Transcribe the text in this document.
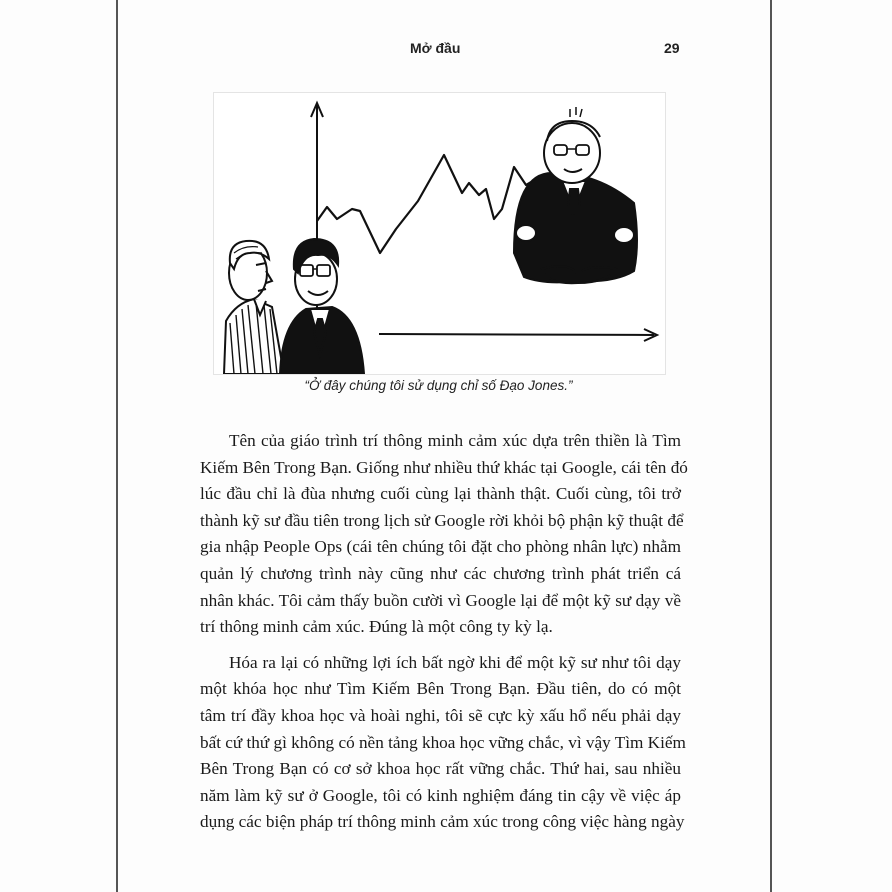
Mở đầu	29
“Ở đây chúng tôi sử dụng chỉ số Đạo Jones.”
Tên của giáo trình trí thông minh cảm xúc dựa trên thiền là Tìm
Kiếm Bên Trong Bạn. Giống như nhiều thứ khác tại Google, cái tên đó
lúc đầu chỉ là đùa nhưng cuối cùng lại thành thật. Cuối cùng, tôi trở
thành kỹ sư đầu tiên trong lịch sử Google rời khỏi bộ phận kỹ thuật để
gia nhập People Ops (cái tên chúng tôi đặt cho phòng nhân lực) nhằm
quản lý chương trình này cũng như các chương trình phát triển cá
nhân khác. Tôi cảm thấy buồn cười vì Google lại để một kỹ sư dạy về
trí thông minh cảm xúc. Đúng là một công ty kỳ lạ.
Hóa ra lại có những lợi ích bất ngờ khi để một kỹ sư như tôi dạy
một khóa học như Tìm Kiếm Bên Trong Bạn. Đầu tiên, do có một
tâm trí đầy khoa học và hoài nghi, tôi sẽ cực kỳ xấu hổ nếu phải dạy
bất cứ thứ gì không có nền tảng khoa học vững chắc, vì vậy Tìm Kiếm
Bên Trong Bạn có cơ sở khoa học rất vững chắc. Thứ hai, sau nhiều
năm làm kỹ sư ở Google, tôi có kinh nghiệm đáng tin cậy về việc áp
dụng các biện pháp trí thông minh cảm xúc trong công việc hàng ngày
